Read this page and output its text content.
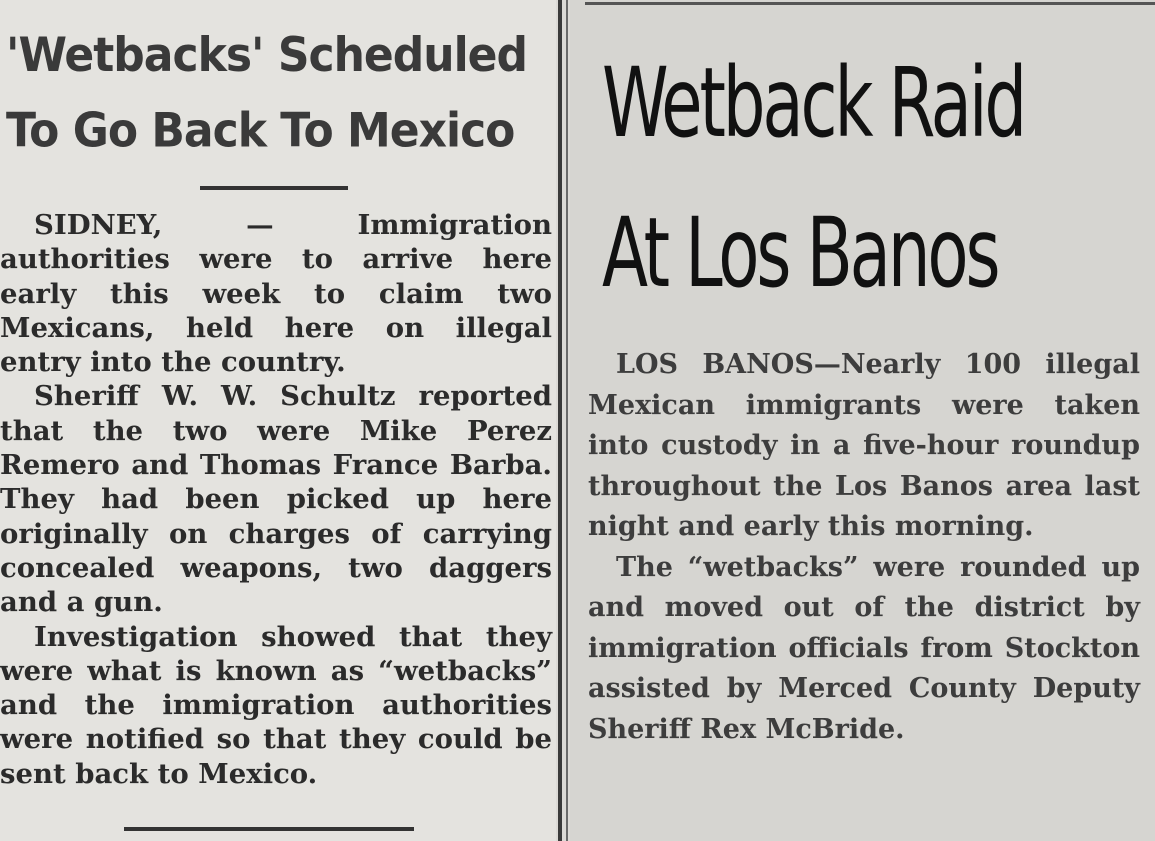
'Wetbacks' Scheduled
To Go Back To Mexico

SIDNEY, — Immigration authorities were to arrive here early this week to claim two Mexicans, held here on illegal entry into the country.

Sheriff W. W. Schultz reported that the two were Mike Perez Remero and Thomas France Barba. They had been picked up here originally on charges of carrying concealed weapons, two daggers and a gun.

Investigation showed that they were what is known as “wetbacks” and the immigration authorities were notified so that they could be sent back to Mexico.

Wetback Raid
At Los Banos

LOS BANOS—Nearly 100 illegal Mexican immigrants were taken into custody in a five-hour roundup throughout the Los Banos area last night and early this morning.

The “wetbacks” were rounded up and moved out of the district by immigration officials from Stockton assisted by Merced County Deputy Sheriff Rex McBride.
